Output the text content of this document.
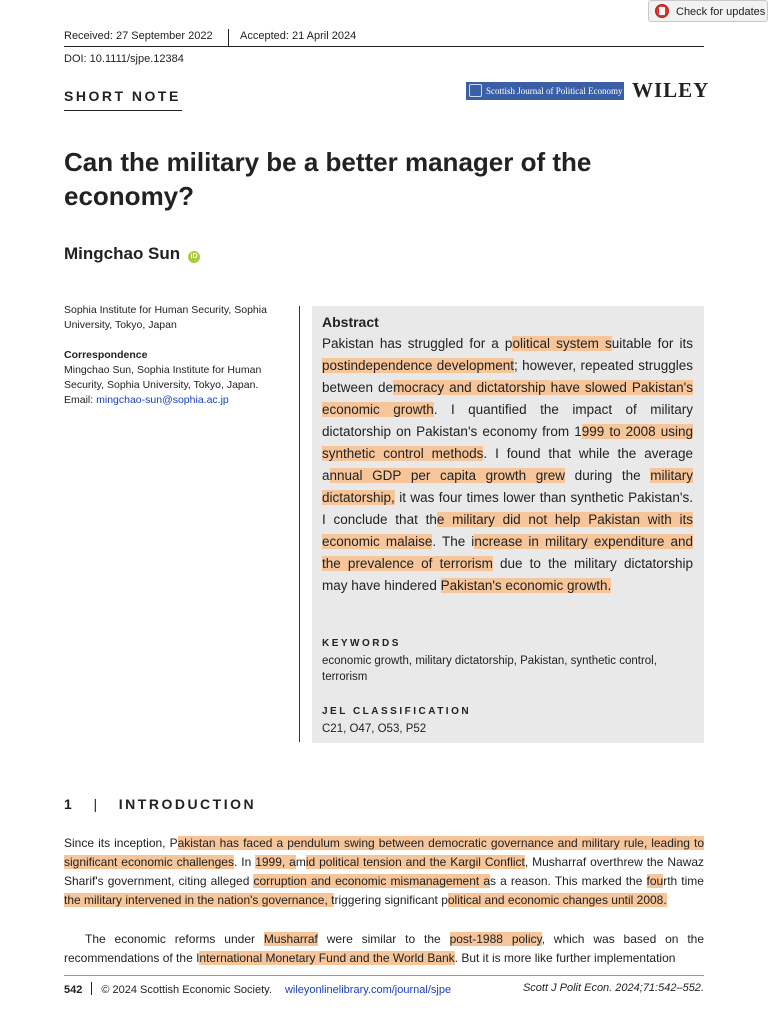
Check for updates
Received: 27 September 2022 Accepted: 21 April 2024
DOI: 10.1111/sjpe.12384
SHORT NOTE	Scottish Journal of Political Economy WILEY
Can the military be a better manager of the economy?
Mingchao Sun	iD
Sophia Institute for Human Security, Sophia University, Tokyo, Japan
Correspondence
Mingchao Sun, Sophia Institute for Human Security, Sophia University, Tokyo, Japan.
Email: mingchao-sun@sophia.ac.jp
Abstract

Pakistan has struggled for a political system suitable for its postindependence development; however, repeated struggles between democracy and dictatorship have slowed Pakistan's economic growth. I quantified the impact of military dictatorship on Pakistan's economy from 1999 to 2008 using synthetic control methods. I found that while the average annual GDP per capita growth grew during the military dictatorship, it was four times lower than synthetic Pakistan's. I conclude that the military did not help Pakistan with its economic malaise. The increase in military expenditure and the prevalence of terrorism due to the military dictatorship may have hindered Pakistan's economic growth.

KEYWORDS
economic growth, military dictatorship, Pakistan, synthetic control, terrorism
JEL CLASSIFICATION
C21, O47, O53, P52
1 | INTRODUCTION

Since its inception, Pakistan has faced a pendulum swing between democratic governance and military rule, leading to significant economic challenges. In 1999, amid political tension and the Kargil Conflict, Musharraf overthrew the Nawaz Sharif's government, citing alleged corruption and economic mismanagement as a reason. This marked the fourth time the military intervened in the nation's governance, triggering significant political and economic changes until 2008.

The economic reforms under Musharraf were similar to the post-1988 policy, which was based on the recommendations of the International Monetary Fund and the World Bank. But it is more like further implementation

542 © 2024 Scottish Economic Society. wileyonlinelibrary.com/journal/sjpe	Scott J Polit Econ. 2024;71:542–552.
